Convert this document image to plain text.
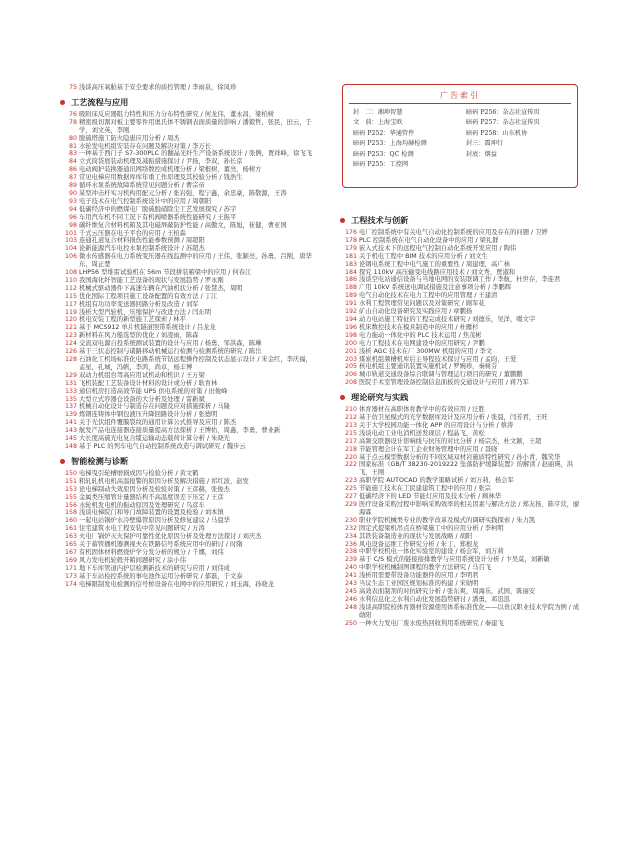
75 浅谈高压氧舱基于安全要求的质控管理 / 李雨泉，徐凤珍
工艺流程与应用
76 吸附床反应器阻力特性和压力分布特性研究 / 何龙伟，董永昌，梁柏树
78 精密级切割对板主要零件用奥氏体不锈钢表面质量的影响 / 潘毅哲，张民，田云，于学，刘文英，李刚
80 脱硫塔施工防火隐患应用分析 / 周杰
81 水轮发电机组安装存在问题及解决对策 / 李万长
83 一种基于西门子 S7-300PLC 的翻晶光纤生产设备系统设计 / 张俩，贾祥峰，徐飞飞
84 立式筒袋展装动机理及减振措施探讨 / 尹扬，李双，孙长京
86 电动阀护装换器通讯网络数控成机理分析 / 梁根树，董亮，杨树方
87 常见电梯应用数据库库年重工作原理及其校验分析 / 钱浩生
89 循环水泵系统故障系统常见问题分析 / 曹宗帝
90 某型冲击杆实习机构用配元分析 / 张岩强，程宁鑫，余忠豪，陈敬源，王涛
93 电子技术在电气控制系统设计中的应用 / 周朝阳
94 低碳经济中的燃煤电厂脱硫脱硝除尘工艺发展探究 / 苏宇
96 车用汽车机不同工况下有机阀喷器系统性能研究 / 王振平
98 碳纤维复合材料机箱及其电磁屏蔽防护性能 / 高傲文，陈旭，崔健，曹亚国
101 千式云压器在电子平台的应用 / 王柏森
103 连通孔道复合材料损伤性能参数预测 / 周超阳
104 论新能源汽车电控水泵控制系统设计 / 苏超杰
106 微水传感器在电力系统变压器在线监测中的应用 / 王伟，张颖亮，孙勇，吕刚，唐华东，周正楚
108 LHP56 型堆雷试验机在 56m 节段拼装箱梁中的应用 / 何春江
110 我国海化纤智能工艺设备的现状与发展趋势 / 罗永刚
112 机械式驱动器件下高速车辆在汽油机状分析 / 张慧杰，周明
115 优化国际工程项目施工设备配置的有效方法 / 丁江
117 机组有功功率变送器回路分析及改造 / 刘军
119 浅析大型汽轮机、压缩保护与改进方法 / 闫东明
120 机电安装工程的新型施工艺探索 / 林平
121 基于 MCS912 单片机隧道照带系统设计 / 吕龙龙
123 新材料在风力船选型的优化 / 刘凌雨，陈森
124 交流双电源自投系统测试装置的设计与应用 / 杨勇，邹洪森，陈琳
126 基于三状态控制与诸路移动机械运行检测与检测系统的研究 / 陈岳
128 石油化工机场标准化电路系统节钻远程操作控制及状态显示设计 / 宋金红，李庆福，孟星，孔城，冯帆，李鸿，尚卓，杨丰博
129 双动力机组台驾高应用试机动和机识 / 王万梁
131 飞机装配工艺装备设计材料的设计或分析 / 耿育林
133 通信机房打造高效节能 UPS 供电系统的对策 / 田俊峰
135 大型立式容器仓设备的大分析及处理 / 雷新斌
137 机械自动化设计与制造存在问题及应对措施探析 / 马隆
139 炼钢连铸体中钢包液压升降回路设计分析 / 张德明
141 关于光伏组件覆膜裂纹的通用计算公式推导及应用 / 陈杰
143 航发产品电连接器连接质量提高方法探析 / 王博佑，周鑫，李勇，曹业新
145 大长度高硫光电复合缆运输动态载荷计算分析 / 朱晓光
148 基于 PLC 的列车电气自动控制系统改造与调试研究 / 魏步云
智能检测与诊断
150 电梯曳引轮槽磨损成因与检验分析 / 黄文鹤
151 粗轧轧机电机高温报警的原因分析及解决措施 / 祁红波，赵发
153 论电梯制动失效原因分析及检验对策 / 王彦赫，张俊杰
155 金属类压缩管计量器结构不高温度误差下压定 / 王彦
156 水轮机发电机的振动原因及处理研究 / 乌彦车
158 浅谈电梯院门和导门故障装置的设置及检验 / 刘本镇
160 一起电站锅炉水冷壁爆管原因分析及修复建议 / 马晨华
161 往宅建筑水电工程安装中常见问题研究 / 万涛
163 火电厂锅炉灭火保护可靠性优化原因分析及处理方法探讨 / 刘庆杰
165 关于蓄管播机器测视夫在铁路信号系统应用中的研讨 / 时隋
167 有机固体材料燃烧炉学分发分析的规分 / 千娜，刘伟
169 风力发电机轮毂开箱间题研究 / 涂小伟
171 地下车库管道内护层检测新技术的研究与应用 / 刘伟成
173 基于车站检控系统的事电池作运用分析研究 / 郁磊，于文泰
174 电梯限制发电检测的信号桥设备在电网中的应用研究 / 刘玉海，孙晓龙
广告索引
封　二：湘坤智慧	暗码 P256：杂志社宣传页
文　前：上海宝欧	暗码 P257：杂志社宣传页
暗码 P252：华通管件	暗码 P258：山东机协
暗码 P253：上海均赫检测	封三：震坤行
暗码 P253：QC 检测	封底：烟益
暗码 P255：工控网
工程技术与创新
176 电厂控制系统中有关电气自动化控制系统的应用及存在的问题 / 卫婷
178 PLC 控制系统在电气自动化设备中的应用 / 梁礼群
179 嵌入式技术下的远程电气控制自动化系统开发应用 / 陶伟
181 关于机电工程中 BIM 技术的应用分析 / 刘文生
183 论钢电系统工程中电气施工的重要性 / 周建理，高广林
184 探究 110kV 高压输变电线路应用技术 / 刘文秀，贾淑和
186 浅谈空电站通信设备与当地电网的安装联调工作 / 李航，杜世存，李连君
188 广用 10kV 系统送电调试措施及注意事项分析 / 李鹏辉
189 电气自动化技术在电力工程中的应用管理 / 王建清
191 水利工程管理常见问题以及对策研究 / 顾军花
192 矿山自动化设备研究及实践应用 / 章鹏扬
194 动力电站施工特征的工程完成技术研究 / 刘德乐，吴洋，噶文字
196 机床数控技术在模具制造中的应用 / 杜雁杉
198 电力拖动一体化中的 PLC 技术运用 / 焦茂彬
200 电力工程技术在电网建设中的应用研究 / 尹鹏
201 浅析 AGC 技术在厂 300MW 机组的应用 / 李文
203 煤炭机组频槽机库后主导程技术探讨与应用 / 孟昀，王爱
205 核电机组主要通讯装置实施机试 / 罗婉珍，秦树芬
206 城市轨道交通设备综合联调与管理运行项目的研究 / 董鹏鹏
208 医院手术室管理设备控制信息面板的交通设计与应用 / 蒋乃军
理论研究与实践
210 体育器材在高职体育教学中的有效应用 / 汪胜
212 基于仿卫星模式的光学数据库设计及应用分析 / 张晨，闫芳君，王旺
213 关于大学校园功能一体化 APP 的应用设计与分析 / 蔡涛
215 浅谈电动工业电消机送发现层 / 程晶飞，黄松
217 高频交联器设计影响线与抗压的对比分析 / 杨宗杰，杜文颖，王超
218 节能管理会计在军工企业财务管理中的应用 / 聂晓
220 基于点云模型数据分析的不同区域双材岩施质特性研究 / 孙小青，魏笑华
222 国家标准《GB/T 38230-2019222 坠落防护缓降装置》的解读 / 赵丽瑛，洪飞，王刚
223 高职学院 AUTOCAD 的教学策略试析 / 刘万莉，杨会军
225 节能施工技术在工民建建筑工程中的应用 / 张宗
227 低碳经济下的 LED 节能灯应用及技术分析 / 顾林华
229 医疗设备采购过程中影响采购效率的相关因素与解决方法 / 郑友扬，陈亨营，廖海霖
230 职业学院机械类专业的教学改革及模式的调研实践探索 / 朱力凯
232 固定式提梁机吊点在桥梁施工中的应用分析 / 李柯明
234 其铁装备制造业的现状与发展战略 / 胡阳
236 风电设备运维工作研究分析 / 朱丁，郑根龙
238 中职学校机电一体化实验室的建设 / 杨会军，刘万莉
239 基于 C/S 模式的链接接排教学与应用系统设计分析 / 卞吴莫，刘新敏
240 中职学校机械制图课程的教学方法研究 / 马召飞
241 浅析用需要带设备功能器件的应用 / 李明君
243 当议生态工业园区规划标准的构建 / 宋勋明
245 高效表面制剂的对抗研究分析 / 张东爽，周海乐，武国，陈丽安
246 水利信息化之水利自动化发展趋势研讨 / 潘勇，邓迅迅
248 浅谈高职院校体育器材资源使用体系标准优化——以贵汉职业技术学院为例 / 成勋阳
250 一种火力发电厂废水废热回收利用系统研究 / 秦建飞
